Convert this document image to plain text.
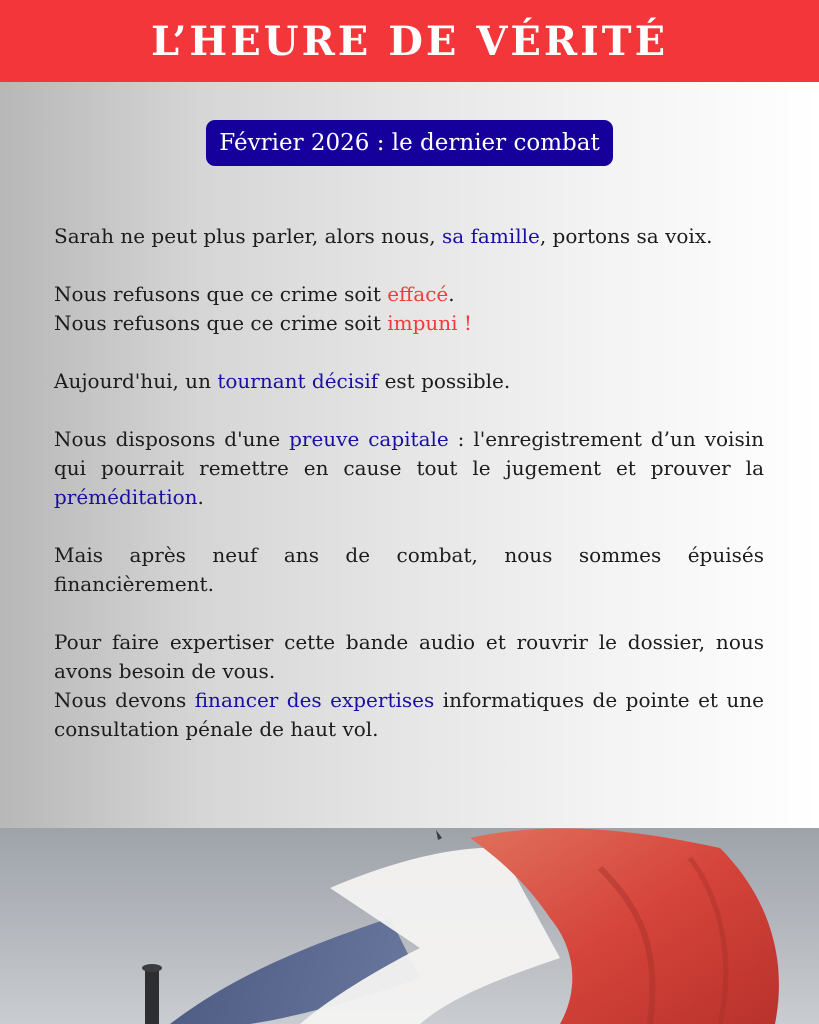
L’HEURE DE VÉRITÉ
Février 2026 : le dernier combat

Sarah ne peut plus parler, alors nous, sa famille, portons sa voix.

Nous refusons que ce crime soit effacé.
Nous refusons que ce crime soit impuni !

Aujourd'hui, un tournant décisif est possible.

Nous disposons d'une preuve capitale : l'enregistrement d’un voisin qui pourrait remettre en cause tout le jugement et prouver la préméditation.

Mais après neuf ans de combat, nous sommes épuisés financièrement.

Pour faire expertiser cette bande audio et rouvrir le dossier, nous avons besoin de vous.
Nous devons financer des expertises informatiques de pointe et une consultation pénale de haut vol.
